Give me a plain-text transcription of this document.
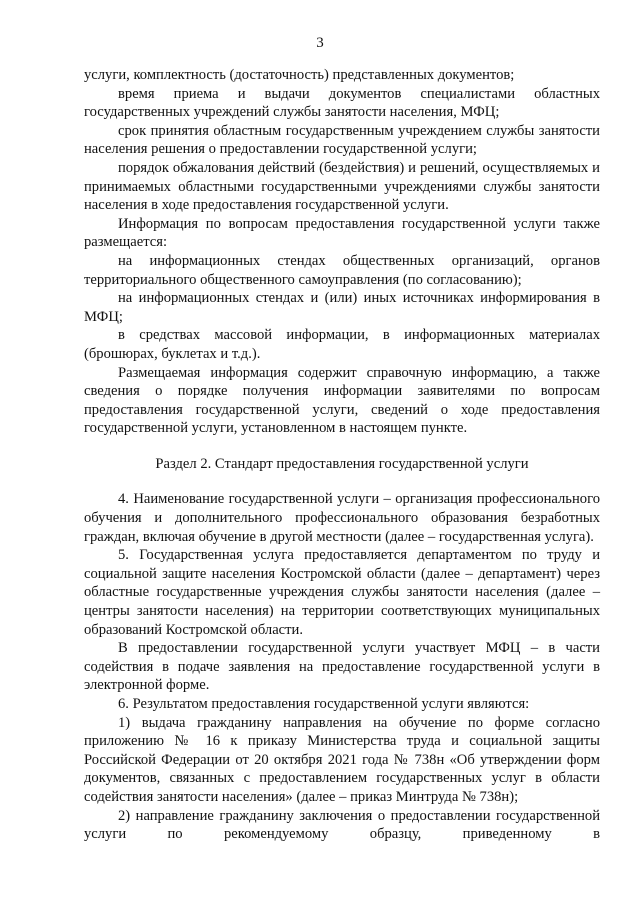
3

услуги, комплектность (достаточность) представленных документов;

время приема и выдачи документов специалистами областных государственных учреждений службы занятости населения, МФЦ;

срок принятия областным государственным учреждением службы занятости населения решения о предоставлении государственной услуги;

порядок обжалования действий (бездействия) и решений, осуществляемых и принимаемых областными государственными учреждениями службы занятости населения в ходе предоставления государственной услуги.

Информация по вопросам предоставления государственной услуги также размещается:

на информационных стендах общественных организаций, органов территориального общественного самоуправления (по согласованию);

на информационных стендах и (или) иных источниках информирования в МФЦ;

в средствах массовой информации, в информационных материалах (брошюрах, буклетах и т.д.).

Размещаемая информация содержит справочную информацию, а также сведения о порядке получения информации заявителями по вопросам предоставления государственной услуги, сведений о ходе предоставления государственной услуги, установленном в настоящем пункте.

Раздел 2. Стандарт предоставления государственной услуги

4. Наименование государственной услуги – организация профессионального обучения и дополнительного профессионального образования безработных граждан, включая обучение в другой местности (далее – государственная услуга).

5. Государственная услуга предоставляется департаментом по труду и социальной защите населения Костромской области (далее – департамент) через областные государственные учреждения службы занятости населения (далее – центры занятости населения) на территории соответствующих муниципальных образований Костромской области.

В предоставлении государственной услуги участвует МФЦ – в части содействия в подаче заявления на предоставление государственной услуги в электронной форме.

6. Результатом предоставления государственной услуги являются:

1) выдача гражданину направления на обучение по форме согласно приложению № 16 к приказу Министерства труда и социальной защиты Российской Федерации от 20 октября 2021 года № 738н «Об утверждении форм документов, связанных с предоставлением государственных услуг в области содействия занятости населения» (далее – приказ Минтруда № 738н);

2) направление гражданину заключения о предоставлении государственной услуги по рекомендуемому образцу, приведенному в
